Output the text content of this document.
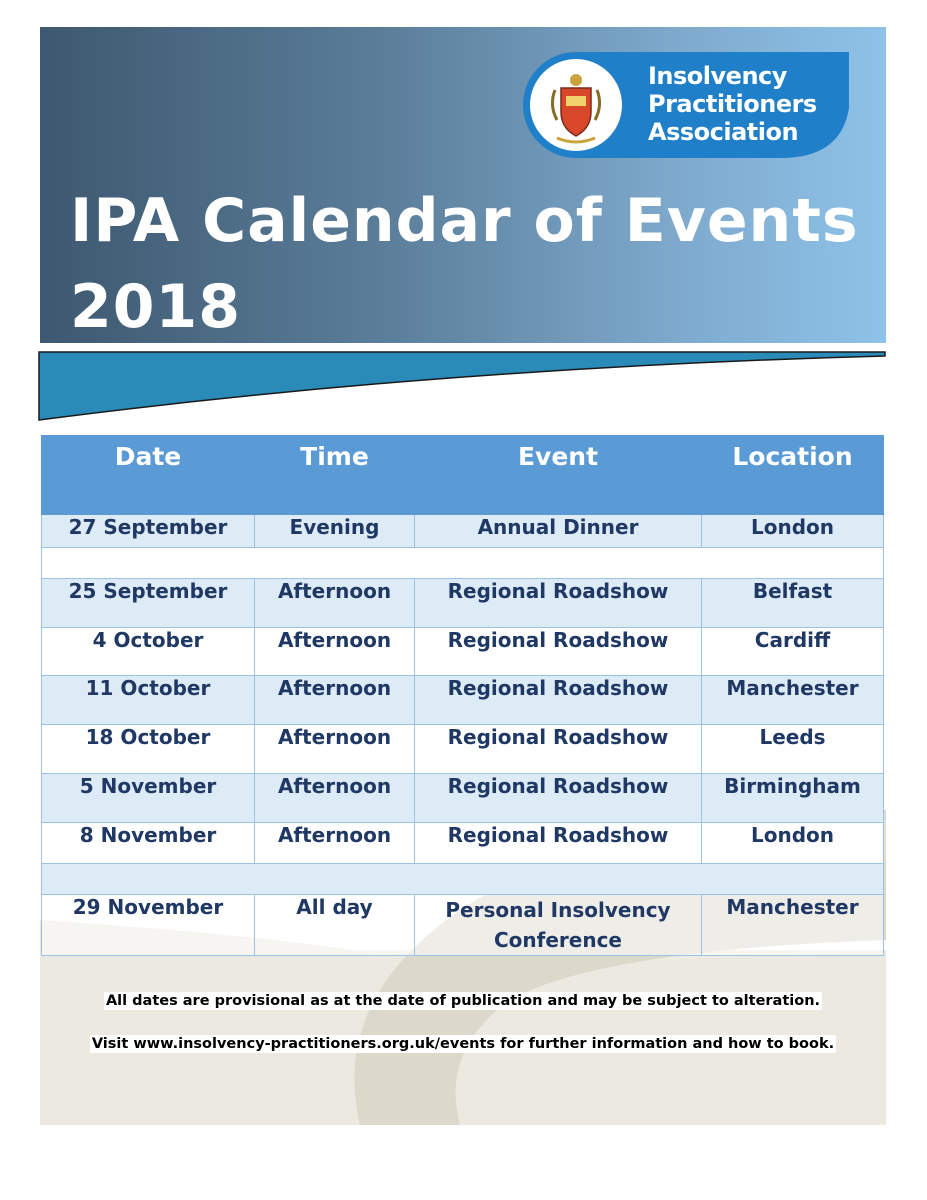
Insolvency
Practitioners
Association
IPA Calendar of Events
2018
Date	Time	Event	Location
27 September	Evening	Annual Dinner	London

25 September	Afternoon	Regional Roadshow	Belfast
4 October	Afternoon	Regional Roadshow	Cardiff
11 October	Afternoon	Regional Roadshow	Manchester
18 October	Afternoon	Regional Roadshow	Leeds
5 November	Afternoon	Regional Roadshow	Birmingham
8 November	Afternoon	Regional Roadshow	London

29 November	All day	Personal Insolvency Conference	Manchester
All dates are provisional as at the date of publication and may be subject to alteration.
Visit www.insolvency-practitioners.org.uk/events for further information and how to book.
